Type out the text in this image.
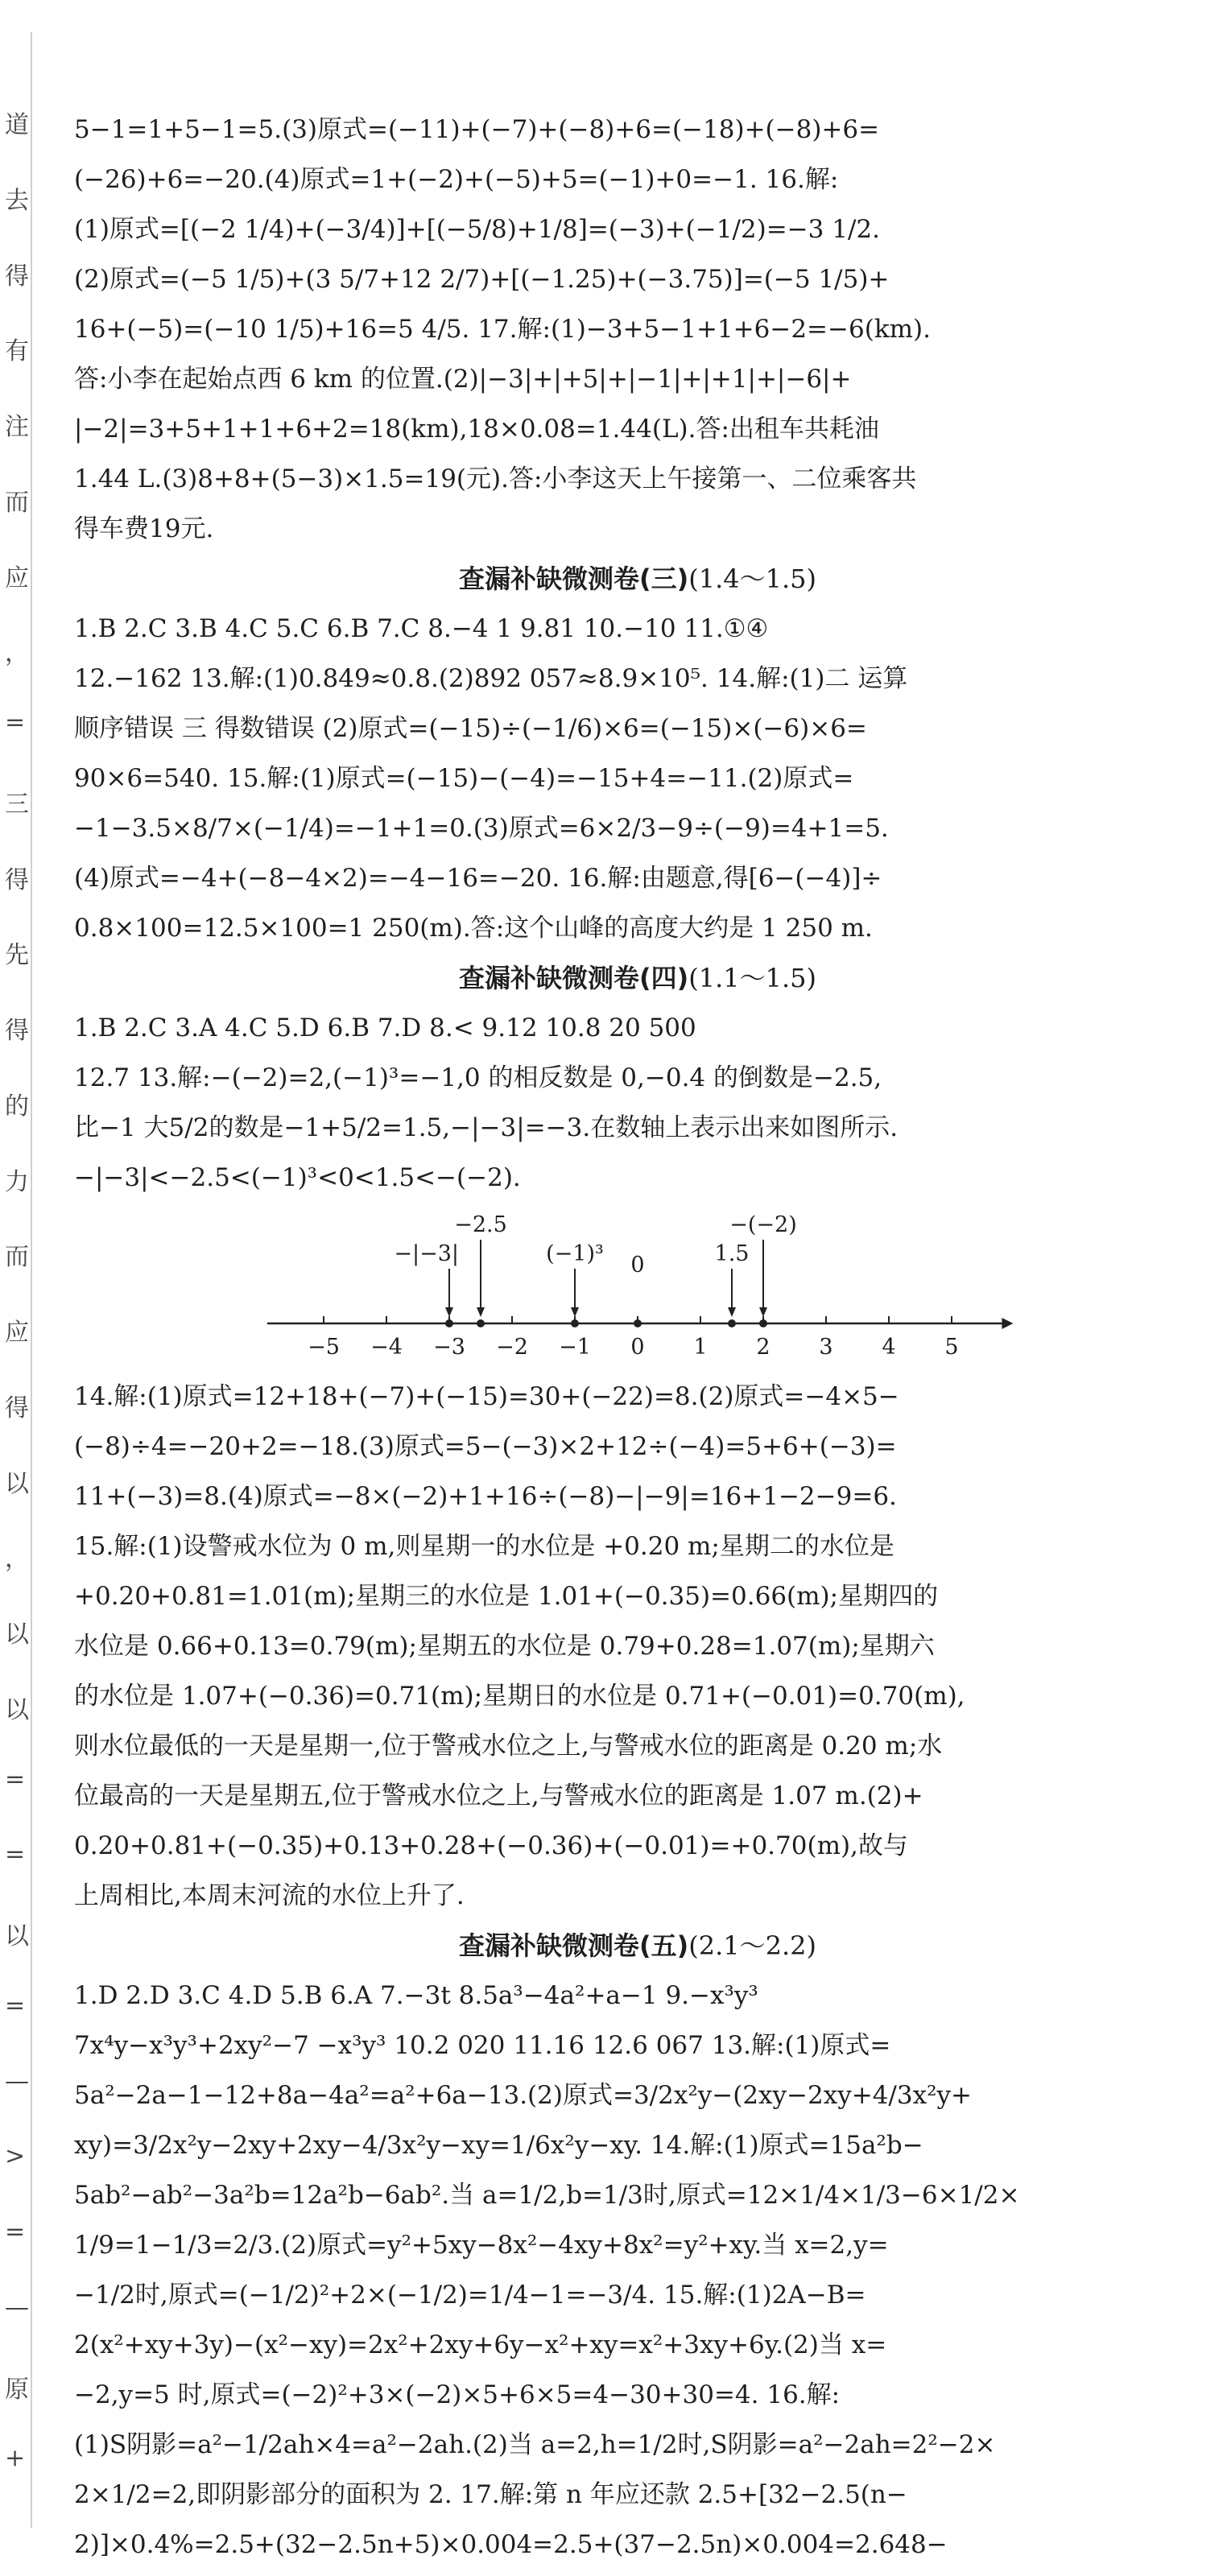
道
去
得
有
注
而
应
，
=
三
得
先
得
的
力
而
应
得
以
，
以
以
=
=
以
=
—
>
=
—
原
+
5−1=1+5−1=5.(3)原式=(−11)+(−7)+(−8)+6=(−18)+(−8)+6=
(−26)+6=−20.(4)原式=1+(−2)+(−5)+5=(−1)+0=−1. 16.解:
(1)原式=[(−2 1/4)+(−3/4)]+[(−5/8)+1/8]=(−3)+(−1/2)=−3 1/2.
(2)原式=(−5 1/5)+(3 5/7+12 2/7)+[(−1.25)+(−3.75)]=(−5 1/5)+
16+(−5)=(−10 1/5)+16=5 4/5. 17.解:(1)−3+5−1+1+6−2=−6(km).
答:小李在起始点西 6 km 的位置.(2)|−3|+|+5|+|−1|+|+1|+|−6|+
|−2|=3+5+1+1+6+2=18(km),18×0.08=1.44(L).答:出租车共耗油
1.44 L.(3)8+8+(5−3)×1.5=19(元).答:小李这天上午接第一、二位乘客共
得车费19元.
查漏补缺微测卷(三)(1.4～1.5)
1.B 2.C 3.B 4.C 5.C 6.B 7.C 8.−4 1 9.81 10.−10 11.①④
12.−162 13.解:(1)0.849≈0.8.(2)892 057≈8.9×10⁵. 14.解:(1)二 运算
顺序错误 三 得数错误 (2)原式=(−15)÷(−1/6)×6=(−15)×(−6)×6=
90×6=540. 15.解:(1)原式=(−15)−(−4)=−15+4=−11.(2)原式=
−1−3.5×8/7×(−1/4)=−1+1=0.(3)原式=6×2/3−9÷(−9)=4+1=5.
(4)原式=−4+(−8−4×2)=−4−16=−20. 16.解:由题意,得[6−(−4)]÷
0.8×100=12.5×100=1 250(m).答:这个山峰的高度大约是 1 250 m.
查漏补缺微测卷(四)(1.1～1.5)
1.B 2.C 3.A 4.C 5.D 6.B 7.D 8.< 9.12 10.8 20 500
12.7 13.解:−(−2)=2,(−1)³=−1,0 的相反数是 0,−0.4 的倒数是−2.5,
比−1 大5/2的数是−1+5/2=1.5,−|−3|=−3.在数轴上表示出来如图所示.
−|−3|<−2.5<(−1)³<0<1.5<−(−2).
−5 −4 −3 −2 −1 0 1 2 3 4 5
−|−3|
−2.5
(−1)³ 0	1.5
−(−2)
14.解:(1)原式=12+18+(−7)+(−15)=30+(−22)=8.(2)原式=−4×5−
(−8)÷4=−20+2=−18.(3)原式=5−(−3)×2+12÷(−4)=5+6+(−3)=
11+(−3)=8.(4)原式=−8×(−2)+1+16÷(−8)−|−9|=16+1−2−9=6.
15.解:(1)设警戒水位为 0 m,则星期一的水位是 +0.20 m;星期二的水位是
+0.20+0.81=1.01(m);星期三的水位是 1.01+(−0.35)=0.66(m);星期四的
水位是 0.66+0.13=0.79(m);星期五的水位是 0.79+0.28=1.07(m);星期六
的水位是 1.07+(−0.36)=0.71(m);星期日的水位是 0.71+(−0.01)=0.70(m),
则水位最低的一天是星期一,位于警戒水位之上,与警戒水位的距离是 0.20 m;水
位最高的一天是星期五,位于警戒水位之上,与警戒水位的距离是 1.07 m.(2)+
0.20+0.81+(−0.35)+0.13+0.28+(−0.36)+(−0.01)=+0.70(m),故与
上周相比,本周末河流的水位上升了.
查漏补缺微测卷(五)(2.1～2.2)
1.D 2.D 3.C 4.D 5.B 6.A 7.−3t 8.5a³−4a²+a−1 9.−x³y³
7x⁴y−x³y³+2xy²−7 −x³y³ 10.2 020 11.16 12.6 067 13.解:(1)原式=
5a²−2a−1−12+8a−4a²=a²+6a−13.(2)原式=3/2x²y−(2xy−2xy+4/3x²y+
xy)=3/2x²y−2xy+2xy−4/3x²y−xy=1/6x²y−xy. 14.解:(1)原式=15a²b−
5ab²−ab²−3a²b=12a²b−6ab².当 a=1/2,b=1/3时,原式=12×1/4×1/3−6×1/2×
1/9=1−1/3=2/3.(2)原式=y²+5xy−8x²−4xy+8x²=y²+xy.当 x=2,y=
−1/2时,原式=(−1/2)²+2×(−1/2)=1/4−1=−3/4. 15.解:(1)2A−B=
2(x²+xy+3y)−(x²−xy)=2x²+2xy+6y−x²+xy=x²+3xy+6y.(2)当 x=
−2,y=5 时,原式=(−2)²+3×(−2)×5+6×5=4−30+30=4. 16.解:
(1)S阴影=a²−1/2ah×4=a²−2ah.(2)当 a=2,h=1/2时,S阴影=a²−2ah=2²−2×
2×1/2=2,即阴影部分的面积为 2. 17.解:第 n 年应还款 2.5+[32−2.5(n−
2)]×0.4%=2.5+(32−2.5n+5)×0.004=2.5+(37−2.5n)×0.004=2.648−
